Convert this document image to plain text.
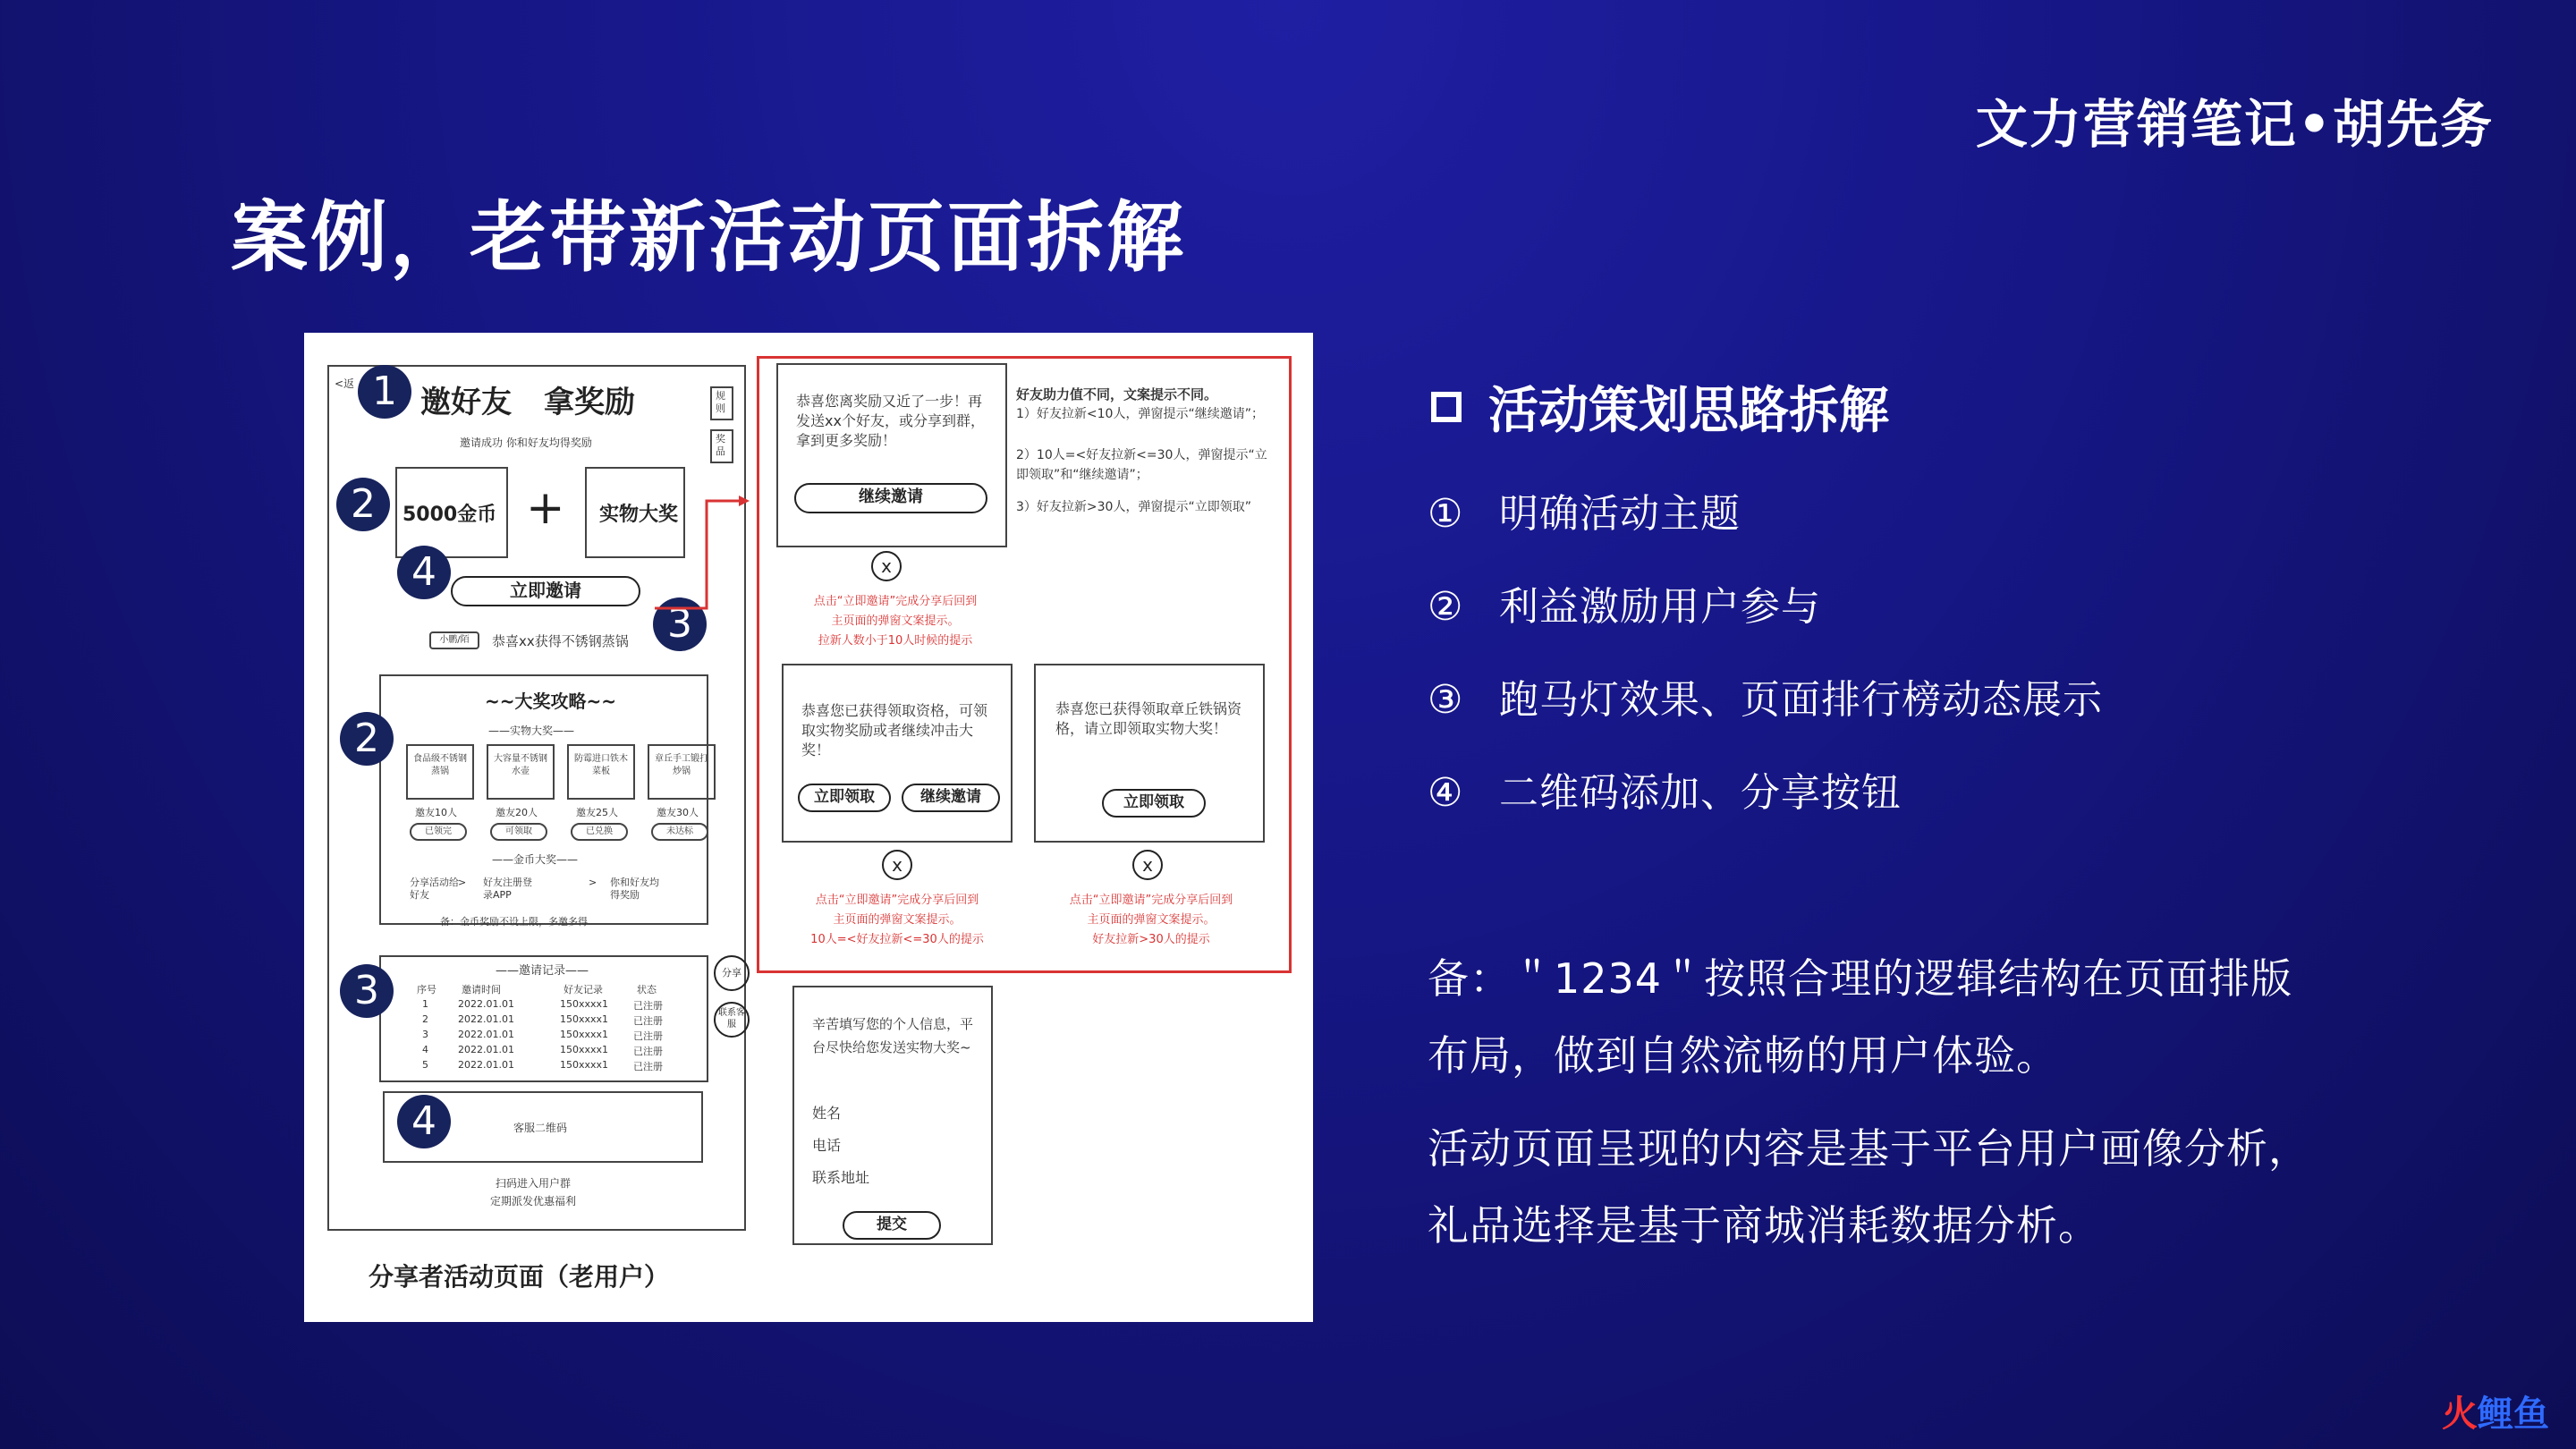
文力营销笔记•胡先务
案例，老带新活动页面拆解
<返
邀好友 拿奖励
邀请成功 你和好友均得奖励
规则
奖品
5000金币 + 实物大奖
立即邀请
小鹏/陌	恭喜xx获得不锈钢蒸锅
~~大奖攻略~~
——实物大奖——
——金币大奖——
备：金币奖励不设上限，多邀多得
——邀请记录——	分享
联系客服
客服二维码
扫码进入用户群
定期派发优惠福利
分享者活动页面（老用户）
1
2
4
3
2
3
4
恭喜您离奖励又近了一步！再发送xx个好友，或分享到群，拿到更多奖励！
继续邀请
好友助力值不同，文案提示不同。
1）好友拉新<10人，弹窗提示“继续邀请”；
2）10人=<好友拉新<=30人，弹窗提示“立即领取”和“继续邀请”；
3）好友拉新>30人，弹窗提示“立即领取”
x
点击“立即邀请”完成分享后回到
主页面的弹窗文案提示。
拉新人数小于10人时候的提示
恭喜您已获得领取资格，可领取实物奖励或者继续冲击大奖！
立即领取	继续邀请
x
点击“立即邀请”完成分享后回到
主页面的弹窗文案提示。
10人=<好友拉新<=30人的提示
恭喜您已获得领取章丘铁锅资格，请立即领取实物大奖！
立即领取
x
点击“立即邀请”完成分享后回到
主页面的弹窗文案提示。
好友拉新>30人的提示
辛苦填写您的个人信息，平台尽快给您发送实物大奖~
姓名
电话
联系地址
提交
食品级不锈钢蒸锅
邀友10人
已领完
大容量不锈钢水壶
邀友20人
可领取
防霉进口铁木菜板
邀友25人
已兑换
章丘手工锻打炒锅
邀友30人
未达标
分享活动给好友
> 好友注册登录APP
> 你和好友均得奖励
序号	邀请时间	好友记录	状态
1	2022.01.01	150xxxx1	已注册
2	2022.01.01	150xxxx1	已注册
3	2022.01.01	150xxxx1	已注册
4	2022.01.01	150xxxx1	已注册
5	2022.01.01	150xxxx1	已注册
活动策划思路拆解
① 明确活动主题
② 利益激励用户参与
③ 跑马灯效果、页面排行榜动态展示
④ 二维码添加、分享按钮
备：＂1234＂按照合理的逻辑结构在页面排版
布局，做到自然流畅的用户体验。
活动页面呈现的内容是基于平台用户画像分析，
礼品选择是基于商城消耗数据分析。
火鲤鱼
